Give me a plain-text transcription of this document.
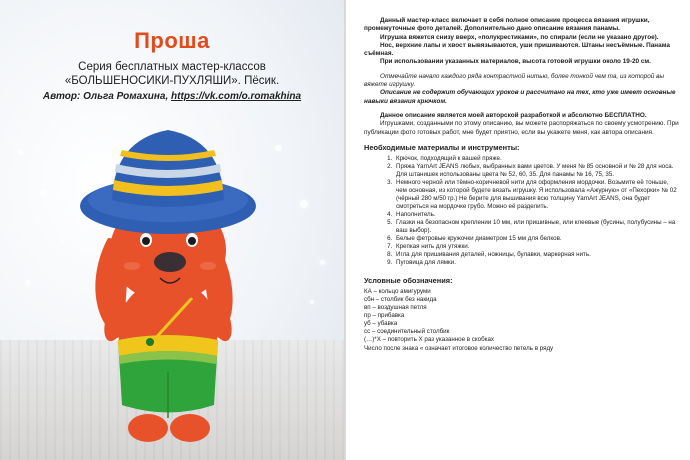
Проша
Серия бесплатных мастер-классов
«БОЛЬШЕНОСИКИ-ПУХЛЯШИ». Пёсик.
Автор: Ольга Ромахина, https://vk.com/o.romakhina

Данный мастер-класс включает в себя полное описание процесса вязания игрушки, промежуточные фото деталей. Дополнительно дано описание вязания панамы.

Игрушка вяжется снизу вверх, «полукрестиками», по спирали (если не указано другое).

Нос, верхние лапы и хвост вывязываются, уши пришиваются. Штаны несъёмные. Панама съёмная.

При использовании указанных материалов, высота готовой игрушки около 19-20 см.

Отмечайте начало каждого ряда контрастной нитью, более тонкой чем та, из которой вы вяжете игрушку.

Описание не содержит обучающих уроков и рассчитано на тех, кто уже имеет основные навыки вязания крючком.

Данное описание является моей авторской разработкой и абсолютно БЕСПЛАТНО.

Игрушками, созданными по этому описанию, вы можете распоряжаться по своему усмотрению. При публикации фото готовых работ, мне будет приятно, если вы укажете меня, как автора описания.

Необходимые материалы и инструменты:
1. Крючок, подходящий к вашей пряже.
2. Пряжа YarnArt JEANS любых, выбранных вами цветов. У меня № 85 основной и № 28 для носа. Для штанишек использованы цвета № 52, 60, 35. Для панамы № 16, 75, 35.
3. Немного черной или тёмно-коричневой нити для оформления мордочки. Возьмите её тоньше, чем основная, из которой будете вязать игрушку. Я использовала «Ажурную» от «Пехорки» № 02 (чёрный 280 м/50 гр.) Не берите для вышивания всю толщину YarnArt JEANS, она будет смотреться на мордочке грубо. Можно её разделить.
4. Наполнитель.
5. Глазки на безопасном креплении 10 мм, или пришивные, или клеевые (бусины, полубусины – на ваш выбор).
6. Белые фетровые кружочки диаметром 15 мм для белков.
7. Крепкая нить для утяжки.
8. Игла для пришивания деталей, ножницы, булавки, маркерная нить.
9. Пуговица для лямки.
Условные обозначения:
КА – кольцо амигуруми
сбн – столбик без накида
вп – воздушная петля
пр – прибавка
уб – убавка
сс – соединительный столбик
(…)*Х – повторить Х раз указанное в скобках
Число после знака « означает итоговое количество петель в ряду
